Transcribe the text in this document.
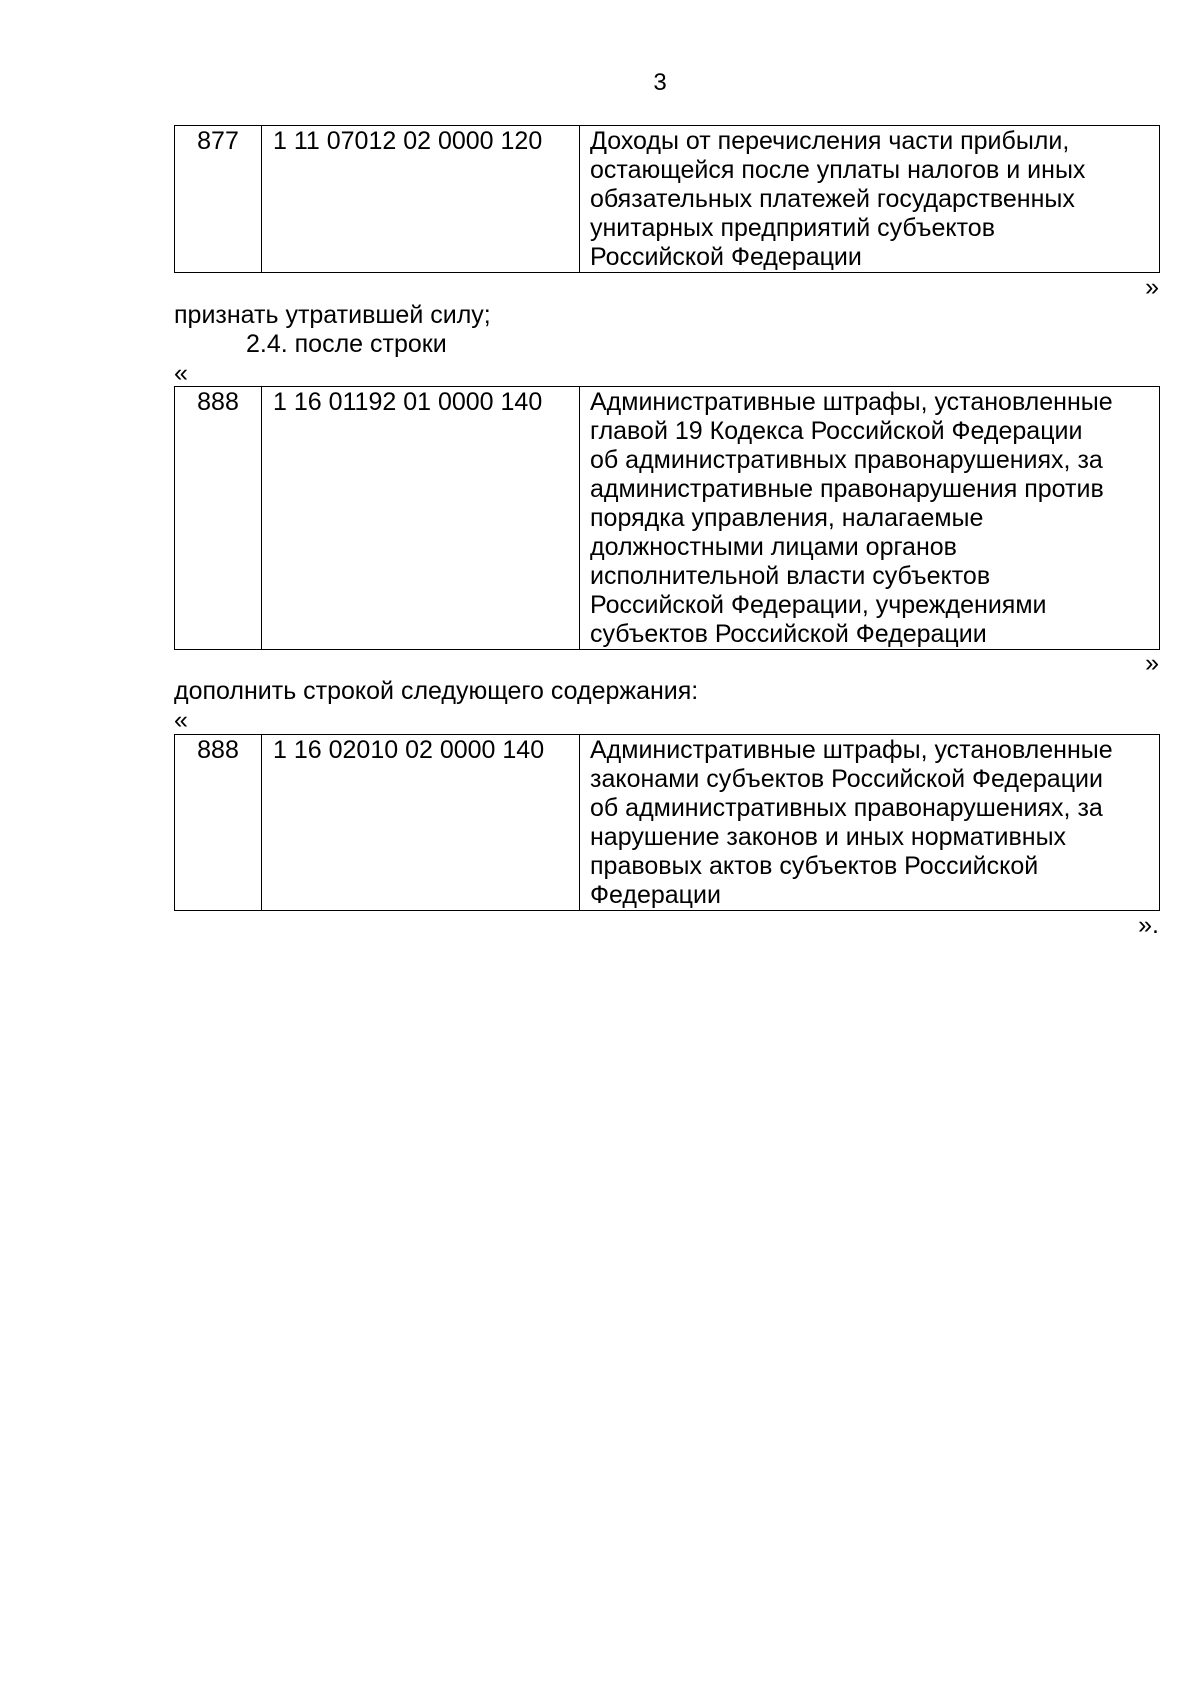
3
877	1 11 07012 02 0000 120	Доходы от перечисления части прибыли,
остающейся после уплаты налогов и иных
обязательных платежей государственных
унитарных предприятий субъектов
Российской Федерации
»
признать утратившей силу;
2.4. после строки
«
888	1 16 01192 01 0000 140	Административные штрафы, установленные
главой 19 Кодекса Российской Федерации
об административных правонарушениях, за
административные правонарушения против
порядка управления, налагаемые
должностными лицами органов
исполнительной власти субъектов
Российской Федерации, учреждениями
субъектов Российской Федерации
»
дополнить строкой следующего содержания:
«
888	1 16 02010 02 0000 140	Административные штрафы, установленные
законами субъектов Российской Федерации
об административных правонарушениях, за
нарушение законов и иных нормативных
правовых актов субъектов Российской
Федерации
».
